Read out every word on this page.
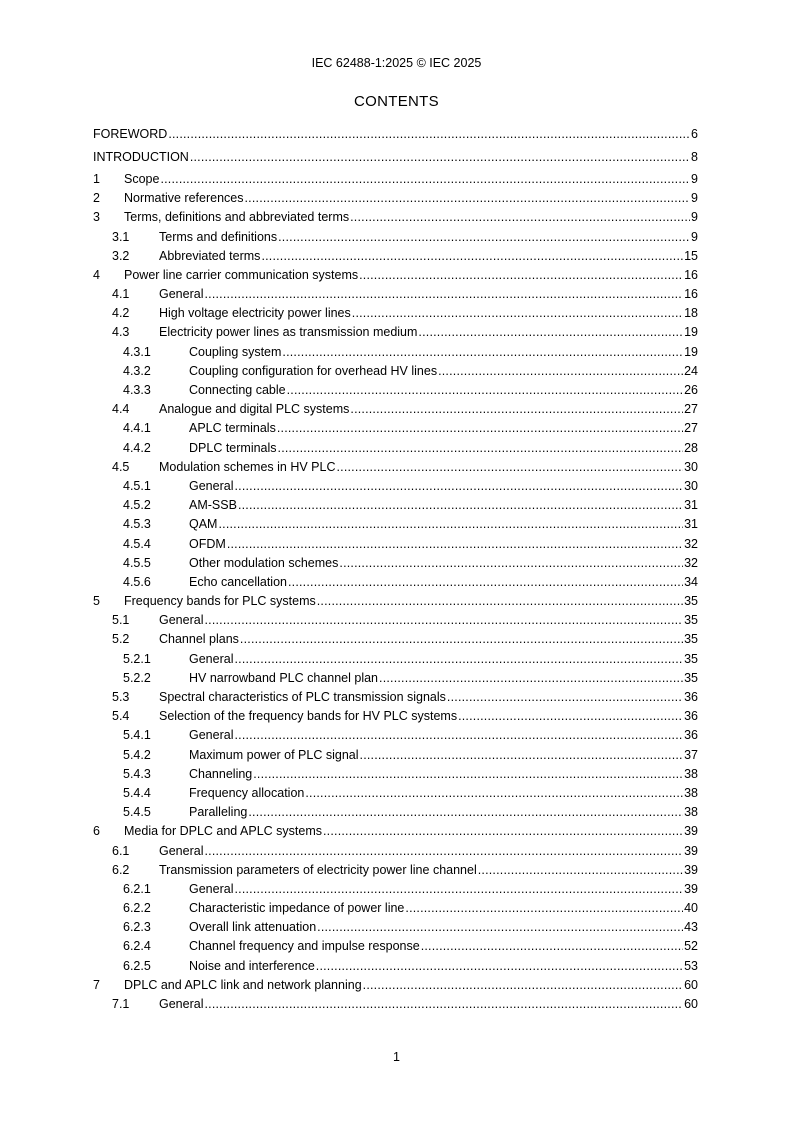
IEC 62488-1:2025 © IEC 2025
CONTENTS
FOREWORD .....	6
INTRODUCTION .....	8
1	Scope .....	9
2	Normative references .....	9
3	Terms, definitions and abbreviated terms .....	9
3.1	Terms and definitions .....	9
3.2	Abbreviated terms .....	15
4	Power line carrier communication systems .....	16
4.1	General .....	16
4.2	High voltage electricity power lines .....	18
4.3	Electricity power lines as transmission medium .....	19
4.3.1	Coupling system .....	19
4.3.2	Coupling configuration for overhead HV lines .....	24
4.3.3	Connecting cable .....	26
4.4	Analogue and digital PLC systems .....	27
4.4.1	APLC terminals .....	27
4.4.2	DPLC terminals .....	28
4.5	Modulation schemes in HV PLC .....	30
4.5.1	General .....	30
4.5.2	AM-SSB .....	31
4.5.3	QAM .....	31
4.5.4	OFDM .....	32
4.5.5	Other modulation schemes .....	32
4.5.6	Echo cancellation .....	34
5	Frequency bands for PLC systems .....	35
5.1	General .....	35
5.2	Channel plans .....	35
5.2.1	General .....	35
5.2.2	HV narrowband PLC channel plan .....	35
5.3	Spectral characteristics of PLC transmission signals .....	36
5.4	Selection of the frequency bands for HV PLC systems .....	36
5.4.1	General .....	36
5.4.2	Maximum power of PLC signal .....	37
5.4.3	Channeling .....	38
5.4.4	Frequency allocation .....	38
5.4.5	Paralleling .....	38
6	Media for DPLC and APLC systems .....	39
6.1	General .....	39
6.2	Transmission parameters of electricity power line channel .....	39
6.2.1	General .....	39
6.2.2	Characteristic impedance of power line .....	40
6.2.3	Overall link attenuation .....	43
6.2.4	Channel frequency and impulse response .....	52
6.2.5	Noise and interference .....	53
7	DPLC and APLC link and network planning .....	60
7.1	General .....	60
1
